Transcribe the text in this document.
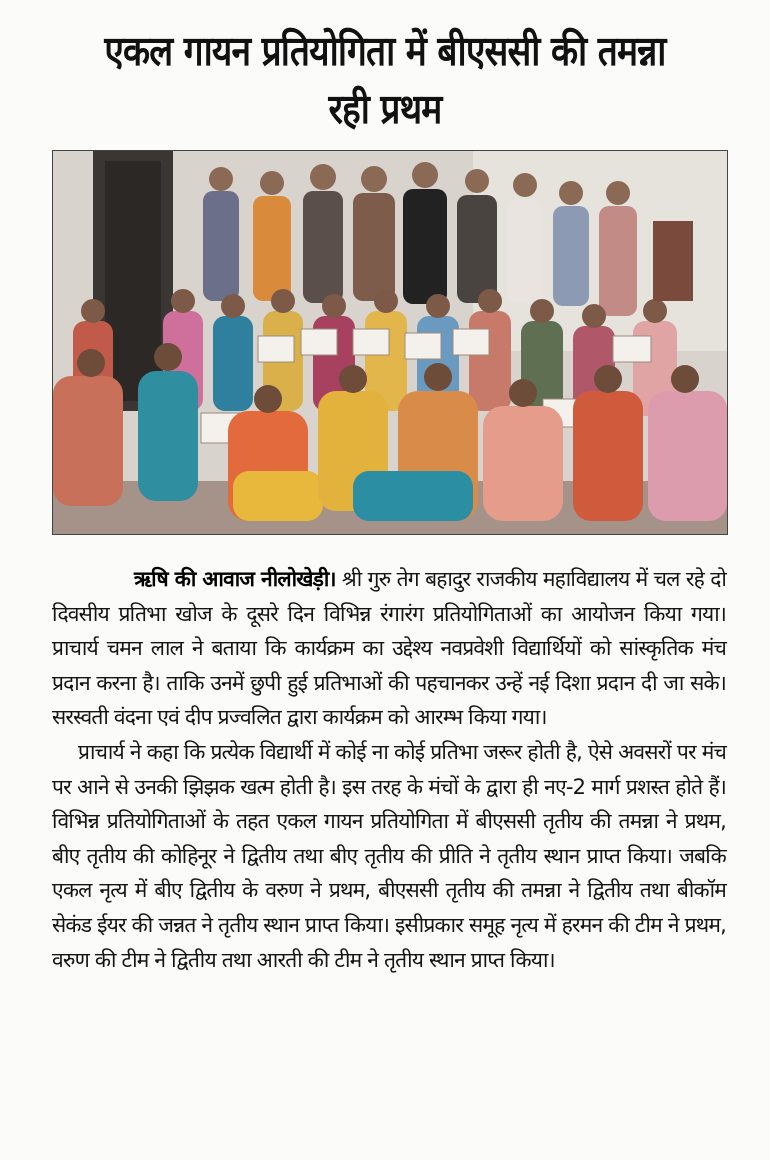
एकल गायन प्रतियोगिता में बीएससी की तमन्ना
रही प्रथम

ऋषि की आवाज नीलोखेड़ी। श्री गुरु तेग बहादुर राजकीय महाविद्यालय में चल रहे दो दिवसीय प्रतिभा खोज के दूसरे दिन विभिन्न रंगारंग प्रतियोगिताओं का आयोजन किया गया। प्राचार्य चमन लाल ने बताया कि कार्यक्रम का उद्देश्य नवप्रवेशी विद्यार्थियों को सांस्कृतिक मंच प्रदान करना है। ताकि उनमें छुपी हुई प्रतिभाओं की पहचानकर उन्हें नई दिशा प्रदान दी जा सके। सरस्वती वंदना एवं दीप प्रज्वलित द्वारा कार्यक्रम को आरम्भ किया गया।

प्राचार्य ने कहा कि प्रत्येक विद्यार्थी में कोई ना कोई प्रतिभा जरूर होती है, ऐसे अवसरों पर मंच पर आने से उनकी झिझक खत्म होती है। इस तरह के मंचों के द्वारा ही नए-2 मार्ग प्रशस्त होते हैं। विभिन्न प्रतियोगिताओं के तहत एकल गायन प्रतियोगिता में बीएससी तृतीय की तमन्ना ने प्रथम, बीए तृतीय की कोहिनूर ने द्वितीय तथा बीए तृतीय की प्रीति ने तृतीय स्थान प्राप्त किया। जबकि एकल नृत्य में बीए द्वितीय के वरुण ने प्रथम, बीएससी तृतीय की तमन्ना ने द्वितीय तथा बीकॉम सेकंड ईयर की जन्नत ने तृतीय स्थान प्राप्त किया। इसीप्रकार समूह नृत्य में हरमन की टीम ने प्रथम, वरुण की टीम ने द्वितीय तथा आरती की टीम ने तृतीय स्थान प्राप्त किया।
